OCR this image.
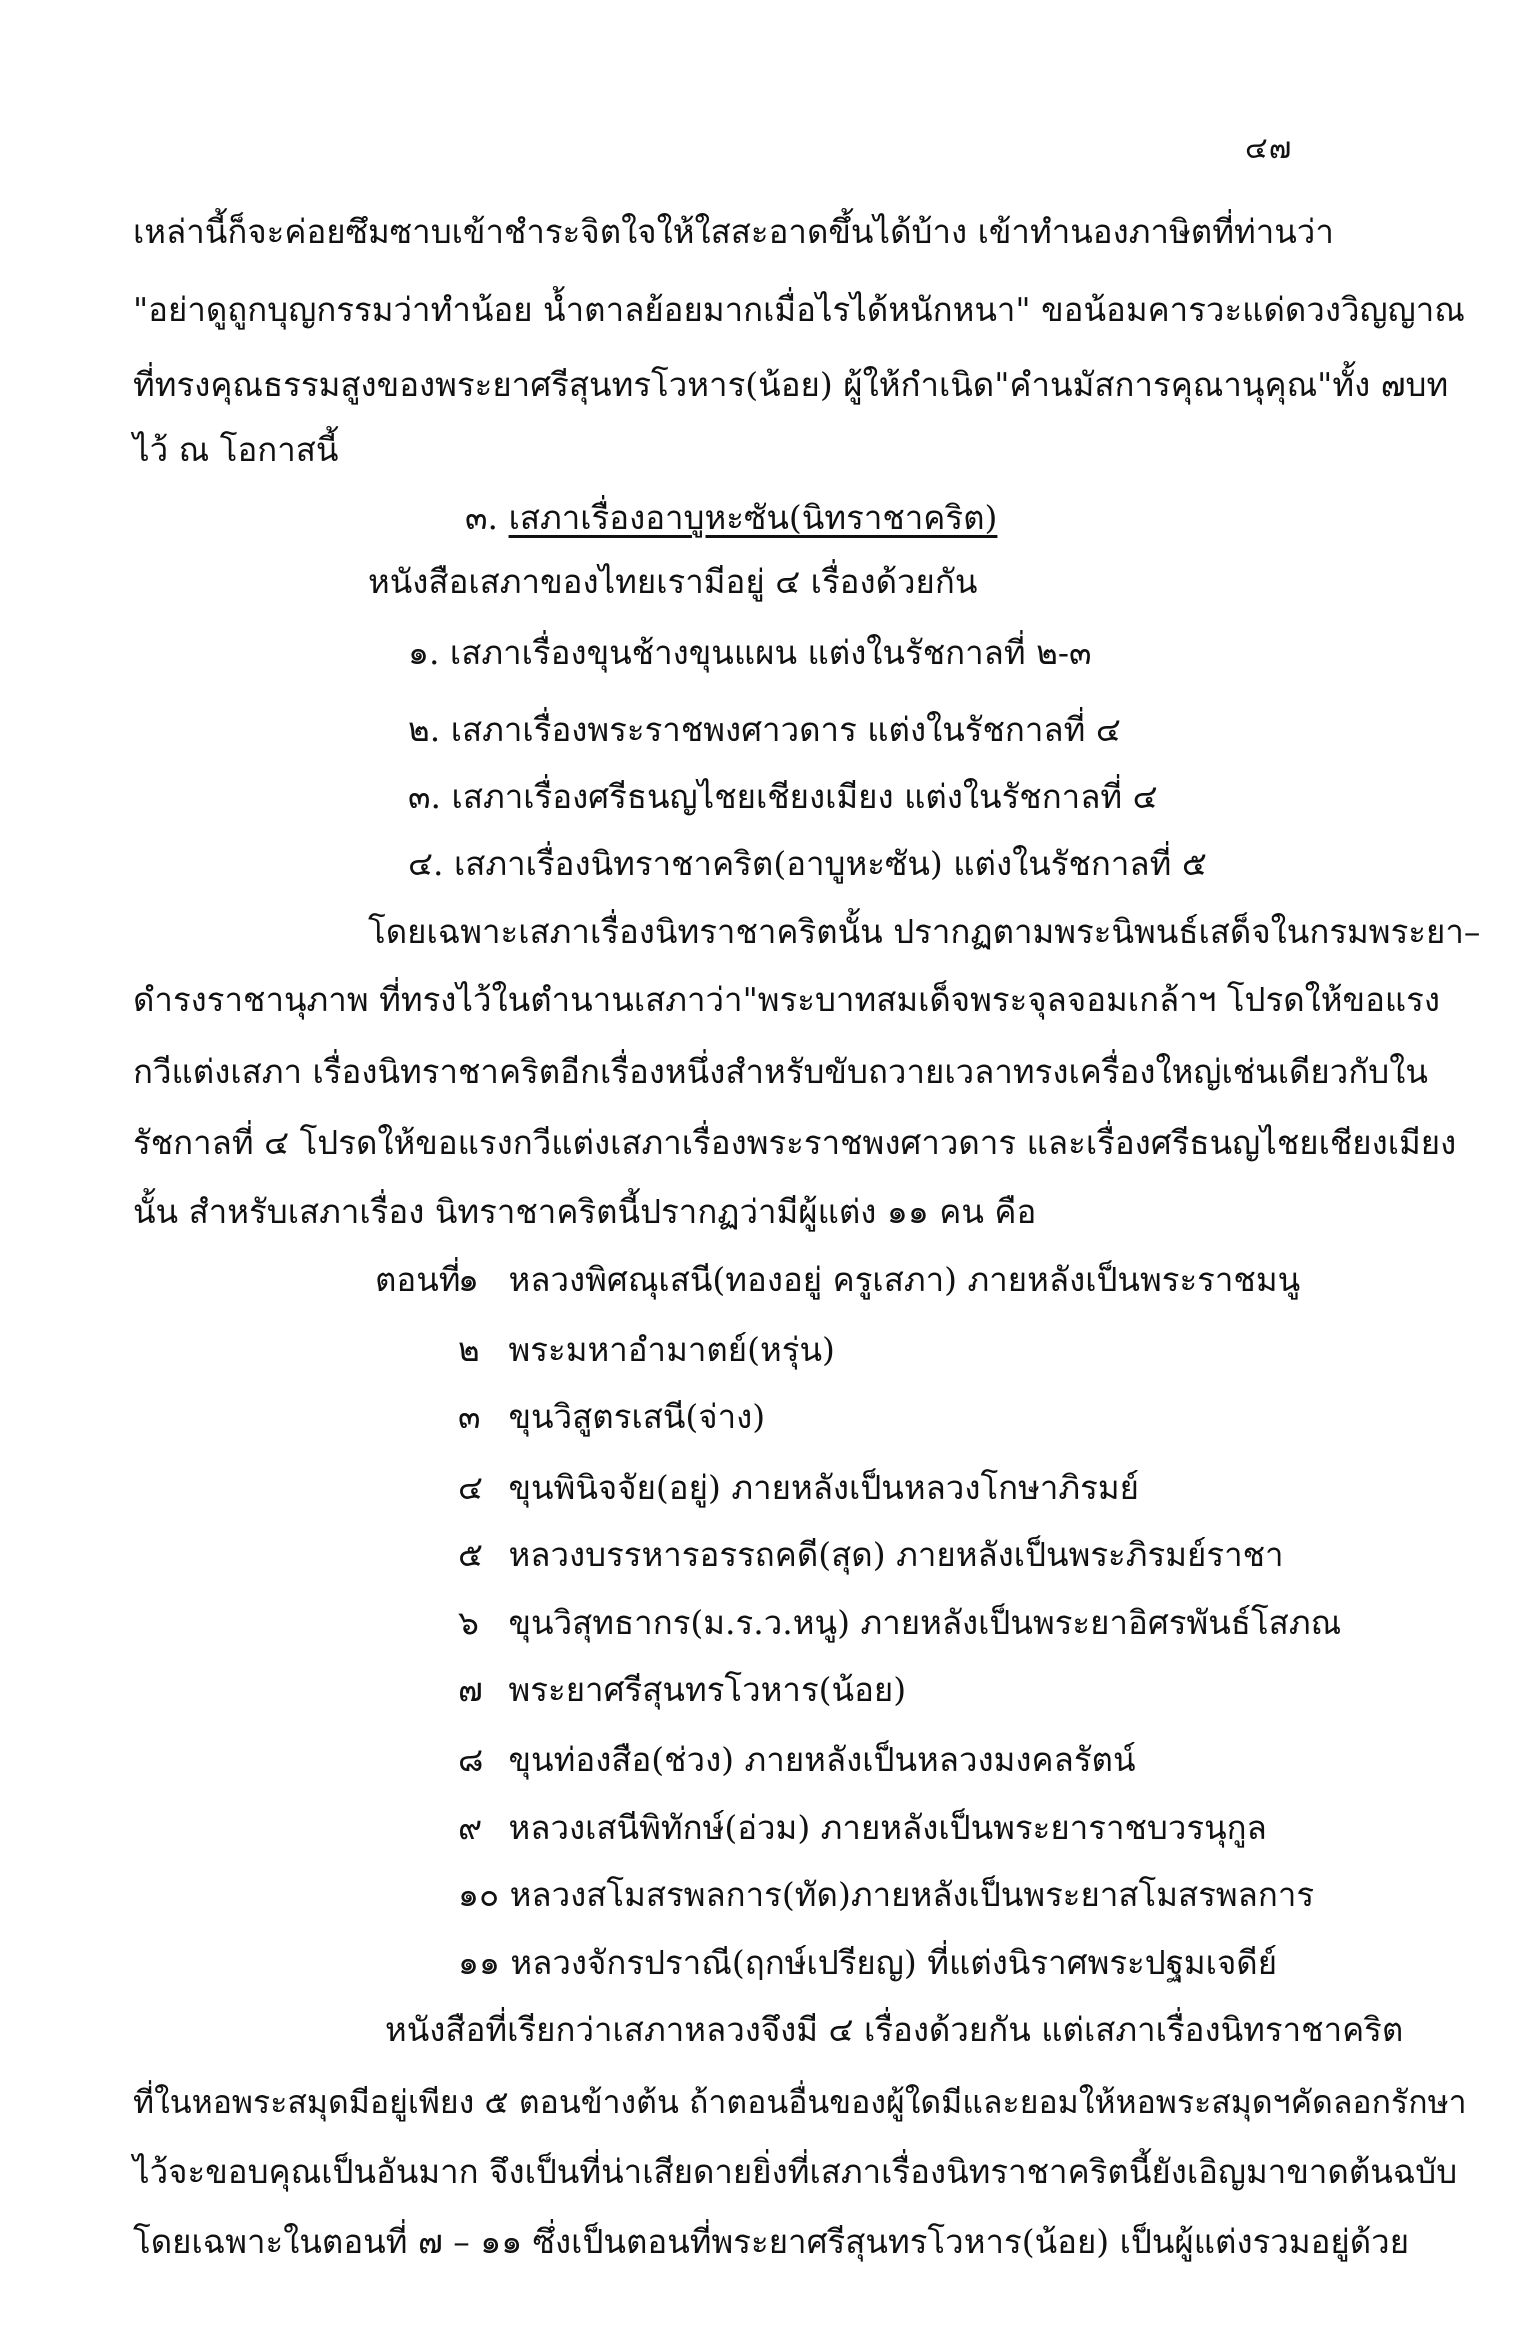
๔๗
เหล่านี้ก็จะค่อยซึมซาบเข้าชำระจิตใจให้ใสสะอาดขึ้นได้บ้าง เข้าทำนองภาษิตที่ท่านว่า
"อย่าดูถูกบุญกรรมว่าทำน้อย น้ำตาลย้อยมากเมื่อไรได้หนักหนา" ขอน้อมคารวะแด่ดวงวิญญาณ
ที่ทรงคุณธรรมสูงของพระยาศรีสุนทรโวหาร(น้อย) ผู้ให้กำเนิด"คำนมัสการคุณานุคุณ"ทั้ง ๗บท
ไว้ ณ โอกาสนี้
๓. เสภาเรื่องอาบูหะซัน(นิทราชาคริต)
หนังสือเสภาของไทยเรามีอยู่ ๔ เรื่องด้วยกัน
๑. เสภาเรื่องขุนช้างขุนแผน แต่งในรัชกาลที่ ๒-๓
๒. เสภาเรื่องพระราชพงศาวดาร แต่งในรัชกาลที่ ๔
๓. เสภาเรื่องศรีธนญไชยเชียงเมียง แต่งในรัชกาลที่ ๔
๔. เสภาเรื่องนิทราชาคริต(อาบูหะซัน) แต่งในรัชกาลที่ ๕
โดยเฉพาะเสภาเรื่องนิทราชาคริตนั้น ปรากฏตามพระนิพนธ์เสด็จในกรมพระยา–
ดำรงราชานุภาพ ที่ทรงไว้ในตำนานเสภาว่า"พระบาทสมเด็จพระจุลจอมเกล้าฯ โปรดให้ขอแรง
กวีแต่งเสภา เรื่องนิทราชาคริตอีกเรื่องหนึ่งสำหรับขับถวายเวลาทรงเครื่องใหญ่เช่นเดียวกับใน
รัชกาลที่ ๔ โปรดให้ขอแรงกวีแต่งเสภาเรื่องพระราชพงศาวดาร และเรื่องศรีธนญไชยเชียงเมียง
นั้น สำหรับเสภาเรื่อง นิทราชาคริตนี้ปรากฏว่ามีผู้แต่ง ๑๑ คน คือ
ตอนที่
๑ หลวงพิศณุเสนี(ทองอยู่ ครูเสภา) ภายหลังเป็นพระราชมนู
๒ พระมหาอำมาตย์(หรุ่น)
๓ ขุนวิสูตรเสนี(จ่าง)
๔ ขุนพินิจจัย(อยู่) ภายหลังเป็นหลวงโกษาภิรมย์
๕ หลวงบรรหารอรรถคดี(สุด) ภายหลังเป็นพระภิรมย์ราชา
๖ ขุนวิสุทธากร(ม.ร.ว.หนู) ภายหลังเป็นพระยาอิศรพันธ์โสภณ
๗ พระยาศรีสุนทรโวหาร(น้อย)
๘ ขุนท่องสือ(ช่วง) ภายหลังเป็นหลวงมงคลรัตน์
๙ หลวงเสนีพิทักษ์(อ่วม) ภายหลังเป็นพระยาราชบวรนุกูล
๑๐ หลวงสโมสรพลการ(ทัด)ภายหลังเป็นพระยาสโมสรพลการ
๑๑ หลวงจักรปราณี(ฤกษ์เปรียญ) ที่แต่งนิราศพระปฐมเจดีย์
หนังสือที่เรียกว่าเสภาหลวงจึงมี ๔ เรื่องด้วยกัน แต่เสภาเรื่องนิทราชาคริต
ที่ในหอพระสมุดมีอยู่เพียง ๕ ตอนข้างต้น ถ้าตอนอื่นของผู้ใดมีและยอมให้หอพระสมุดฯคัดลอกรักษา
ไว้จะขอบคุณเป็นอันมาก จึงเป็นที่น่าเสียดายยิ่งที่เสภาเรื่องนิทราชาคริตนี้ยังเอิญมาขาดต้นฉบับ
โดยเฉพาะในตอนที่ ๗ – ๑๑ ซึ่งเป็นตอนที่พระยาศรีสุนทรโวหาร(น้อย) เป็นผู้แต่งรวมอยู่ด้วย
